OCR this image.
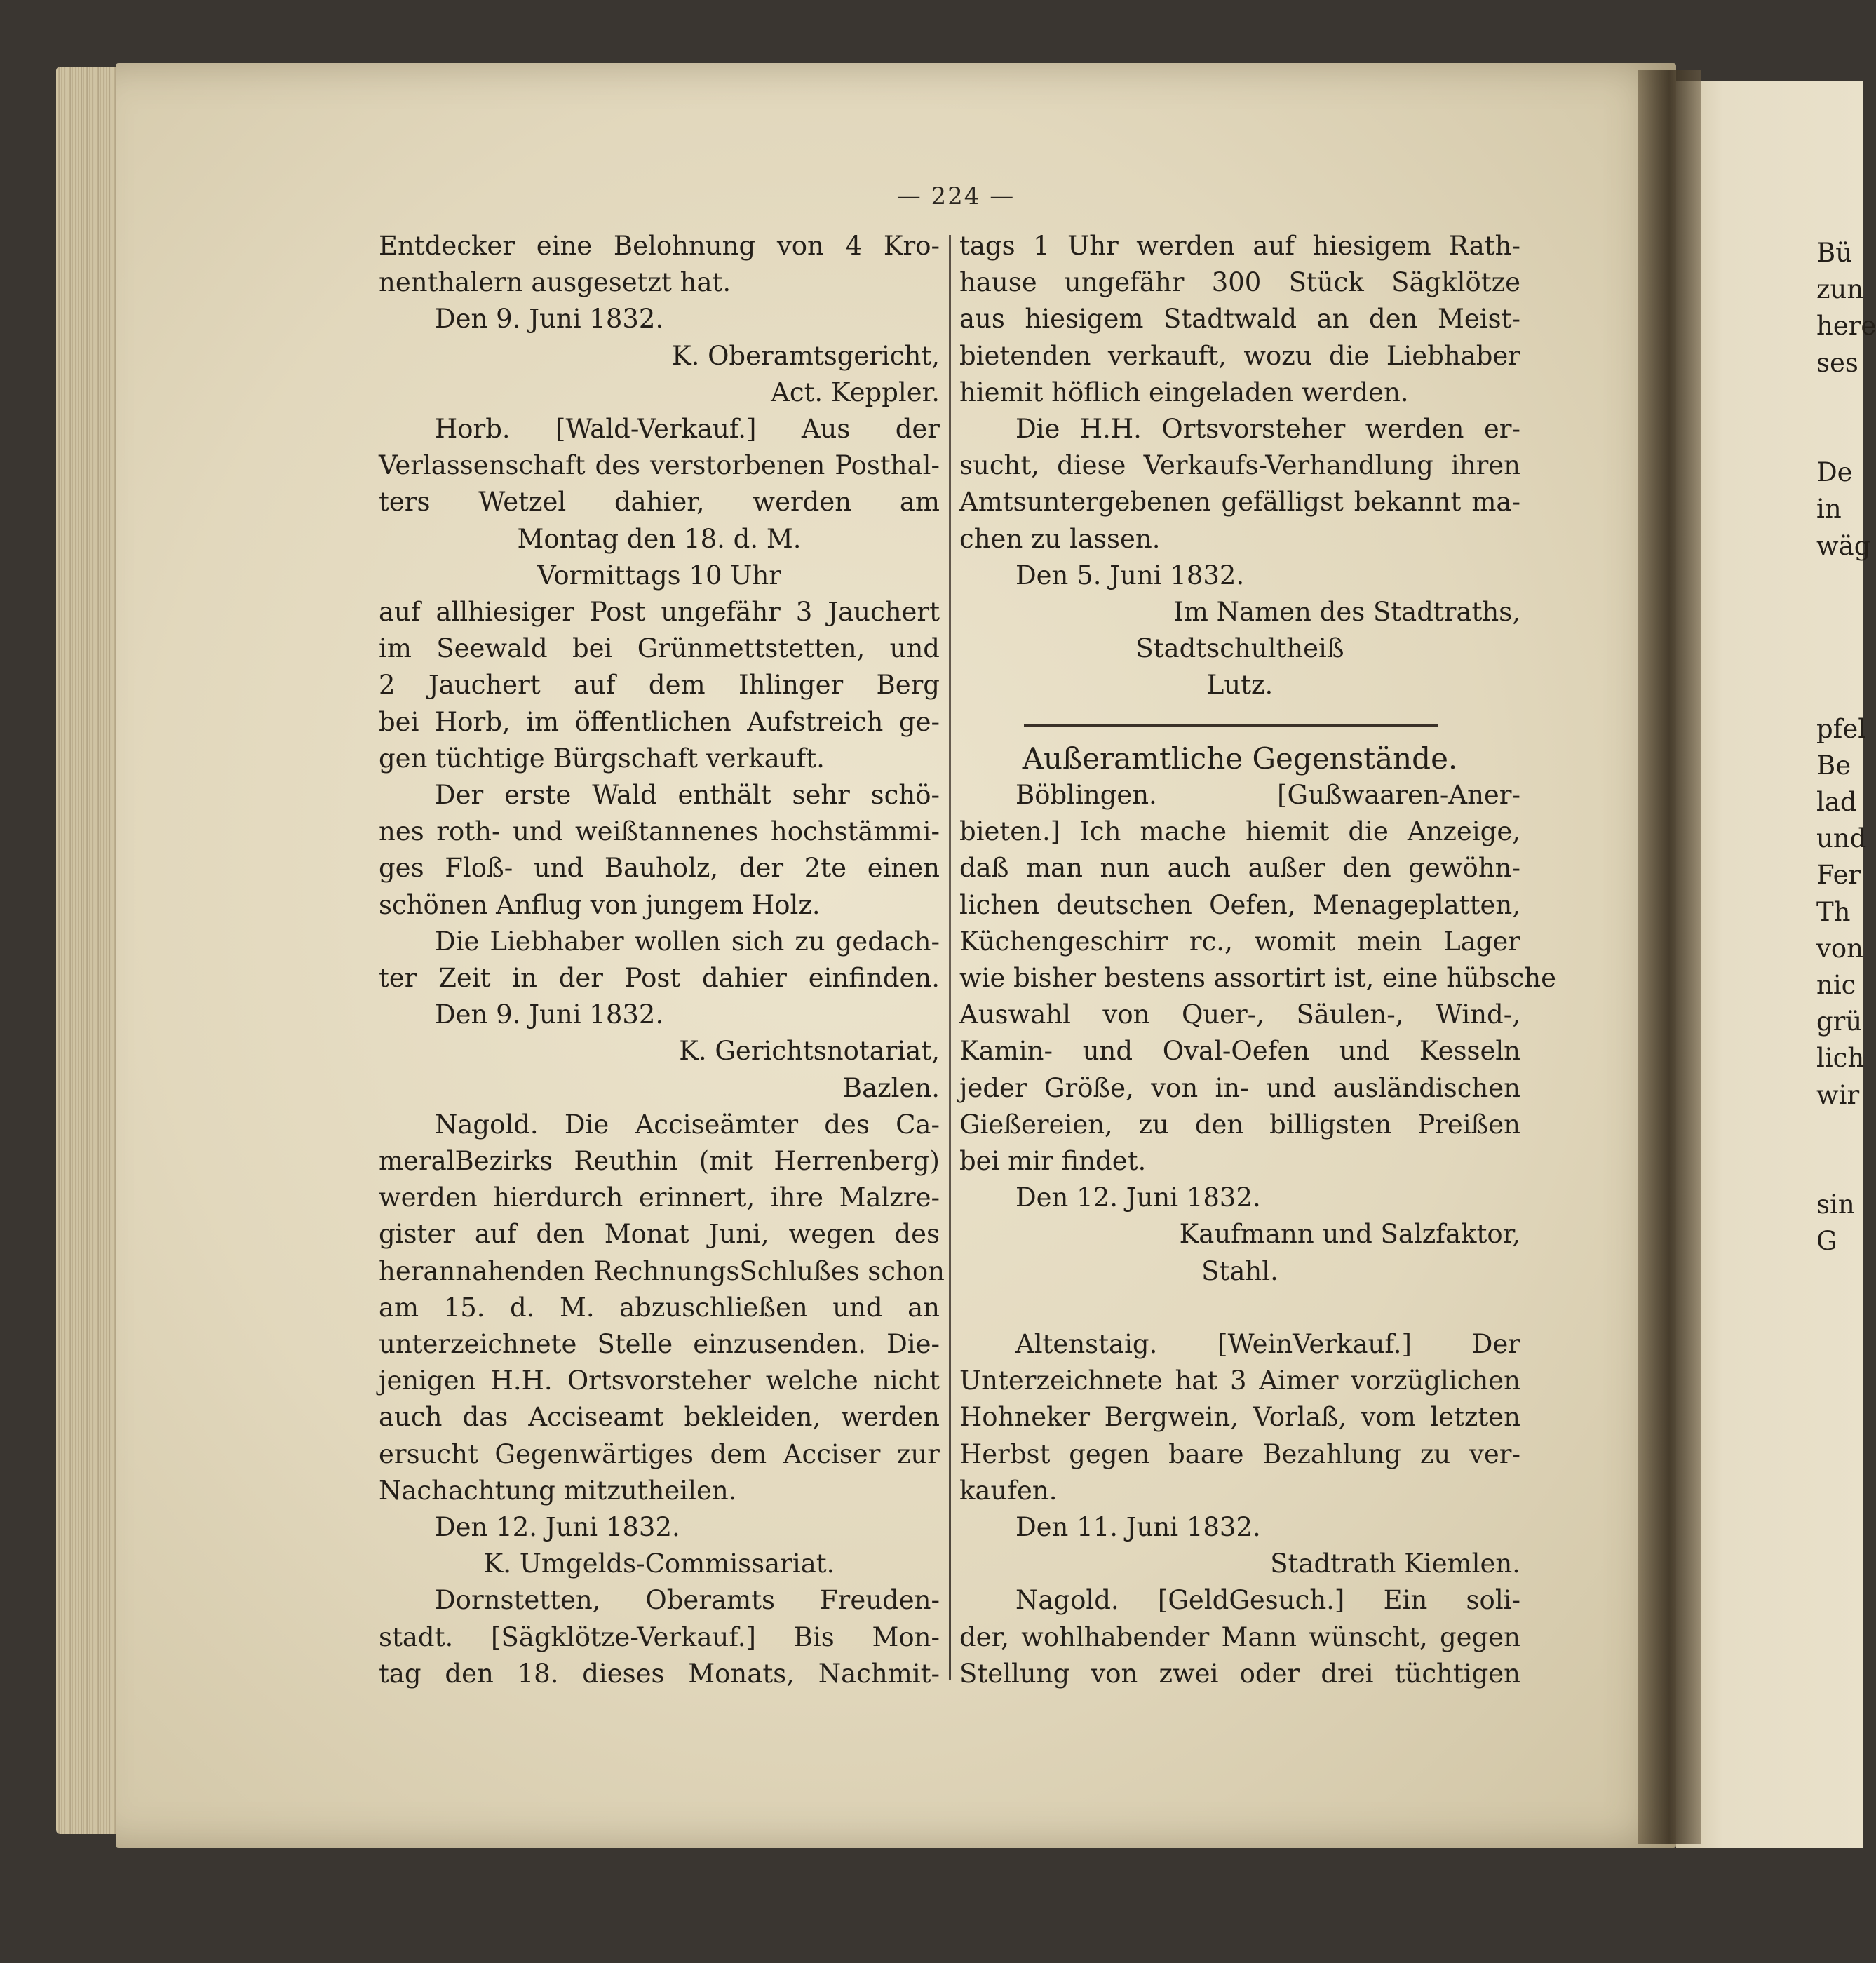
— 224 —
Entdecker eine Belohnung von 4 Kro-
nenthalern ausgesetzt hat.
Den 9. Juni 1832.
K. Oberamtsgericht,
Act. Keppler.
Horb. [Wald-Verkauf.] Aus der
Verlassenschaft des verstorbenen Posthal-
ters Wetzel dahier, werden am
Montag den 18. d. M.
Vormittags 10 Uhr
auf allhiesiger Post ungefähr 3 Jauchert
im Seewald bei Grünmettstetten, und
2 Jauchert auf dem Ihlinger Berg
bei Horb, im öffentlichen Aufstreich ge-
gen tüchtige Bürgschaft verkauft.
Der erste Wald enthält sehr schö-
nes roth- und weißtannenes hochstämmi-
ges Floß- und Bauholz, der 2te einen
schönen Anflug von jungem Holz.
Die Liebhaber wollen sich zu gedach-
ter Zeit in der Post dahier einfinden.
Den 9. Juni 1832.
K. Gerichtsnotariat,
Bazlen.
Nagold. Die Acciseämter des Ca-
meralBezirks Reuthin (mit Herrenberg)
werden hierdurch erinnert, ihre Malzre-
gister auf den Monat Juni, wegen des
herannahenden RechnungsSchlußes schon
am 15. d. M. abzuschließen und an
unterzeichnete Stelle einzusenden. Die-
jenigen H.H. Ortsvorsteher welche nicht
auch das Acciseamt bekleiden, werden
ersucht Gegenwärtiges dem Acciser zur
Nachachtung mitzutheilen.
Den 12. Juni 1832.
K. Umgelds-Commissariat.
Dornstetten, Oberamts Freuden-
stadt. [Sägklötze-Verkauf.] Bis Mon-
tag den 18. dieses Monats, Nachmit-
tags 1 Uhr werden auf hiesigem Rath-
hause ungefähr 300 Stück Sägklötze
aus hiesigem Stadtwald an den Meist-
bietenden verkauft, wozu die Liebhaber
hiemit höflich eingeladen werden.
Die H.H. Ortsvorsteher werden er-
sucht, diese Verkaufs-Verhandlung ihren
Amtsuntergebenen gefälligst bekannt ma-
chen zu lassen.
Den 5. Juni 1832.
Im Namen des Stadtraths,
Stadtschultheiß
Lutz.
Außeramtliche Gegenstände.
Böblingen. [Gußwaaren-Aner-
bieten.] Ich mache hiemit die Anzeige,
daß man nun auch außer den gewöhn-
lichen deutschen Oefen, Menageplatten,
Küchengeschirr rc., womit mein Lager
wie bisher bestens assortirt ist, eine hübsche
Auswahl von Quer-, Säulen-, Wind-,
Kamin- und Oval-Oefen und Kesseln
jeder Größe, von in- und ausländischen
Gießereien, zu den billigsten Preißen
bei mir findet.
Den 12. Juni 1832.
Kaufmann und Salzfaktor,
Stahl.
Altenstaig. [WeinVerkauf.] Der
Unterzeichnete hat 3 Aimer vorzüglichen
Hohneker Bergwein, Vorlaß, vom letzten
Herbst gegen baare Bezahlung zu ver-
kaufen.
Den 11. Juni 1832.
Stadtrath Kiemlen.
Nagold. [GeldGesuch.] Ein soli-
der, wohlhabender Mann wünscht, gegen
Stellung von zwei oder drei tüchtigen
Bü
zun
here
ses
De
in
wäg
pfel
Be
lad
und
Fer
Th
von
nic
grü
lich
wir
sin
G
